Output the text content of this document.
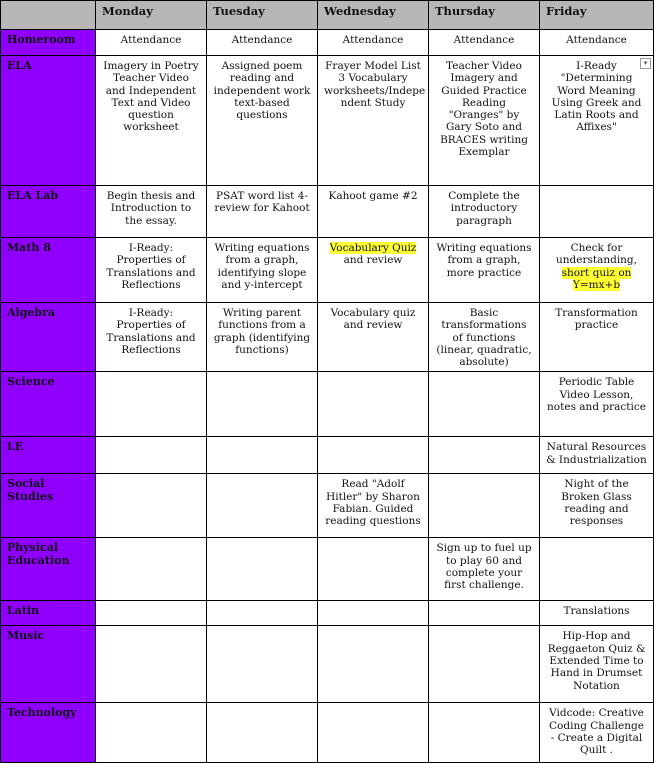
	Monday	Tuesday	Wednesday	Thursday	Friday
Homeroom	Attendance	Attendance	Attendance	Attendance	Attendance
ELA	Imagery in Poetry Teacher Video and Independent Text and Video question worksheet	Assigned poem reading and independent work text-based questions	Frayer Model List 3 Vocabulary worksheets/Indepe ndent Study	Teacher Video Imagery and Guided Practice Reading "Oranges" by Gary Soto and BRACES writing Exemplar	I-Ready "Determining Word Meaning Using Greek and Latin Roots and Affixes"
▾

ELA Lab	Begin thesis and Introduction to the essay.	PSAT word list 4-review for Kahoot	Kahoot game #2	Complete the introductory paragraph	
Math 8	I-Ready: Properties of Translations and Reflections	Writing equations from a graph, identifying slope and y-intercept	Vocabulary Quiz and review	Writing equations from a graph, more practice	Check for understanding, short quiz on Y=mx+b
Algebra	I-Ready: Properties of Translations and Reflections	Writing parent functions from a graph (identifying functions)	Vocabulary quiz and review	Basic transformations of functions (linear, quadratic, absolute)	Transformation practice
Science					Periodic Table Video Lesson, notes and practice
LE					Natural Resources & Industrialization
Social Studies			Read "Adolf Hitler" by Sharon Fabian. Guided reading questions		Night of the Broken Glass reading and responses
Physical Education				Sign up to fuel up to play 60 and complete your first challenge.	
Latin					Translations
Music					Hip-Hop and Reggaeton Quiz & Extended Time to Hand in Drumset Notation
Technology					Vidcode: Creative Coding Challenge - Create a Digital Quilt .
